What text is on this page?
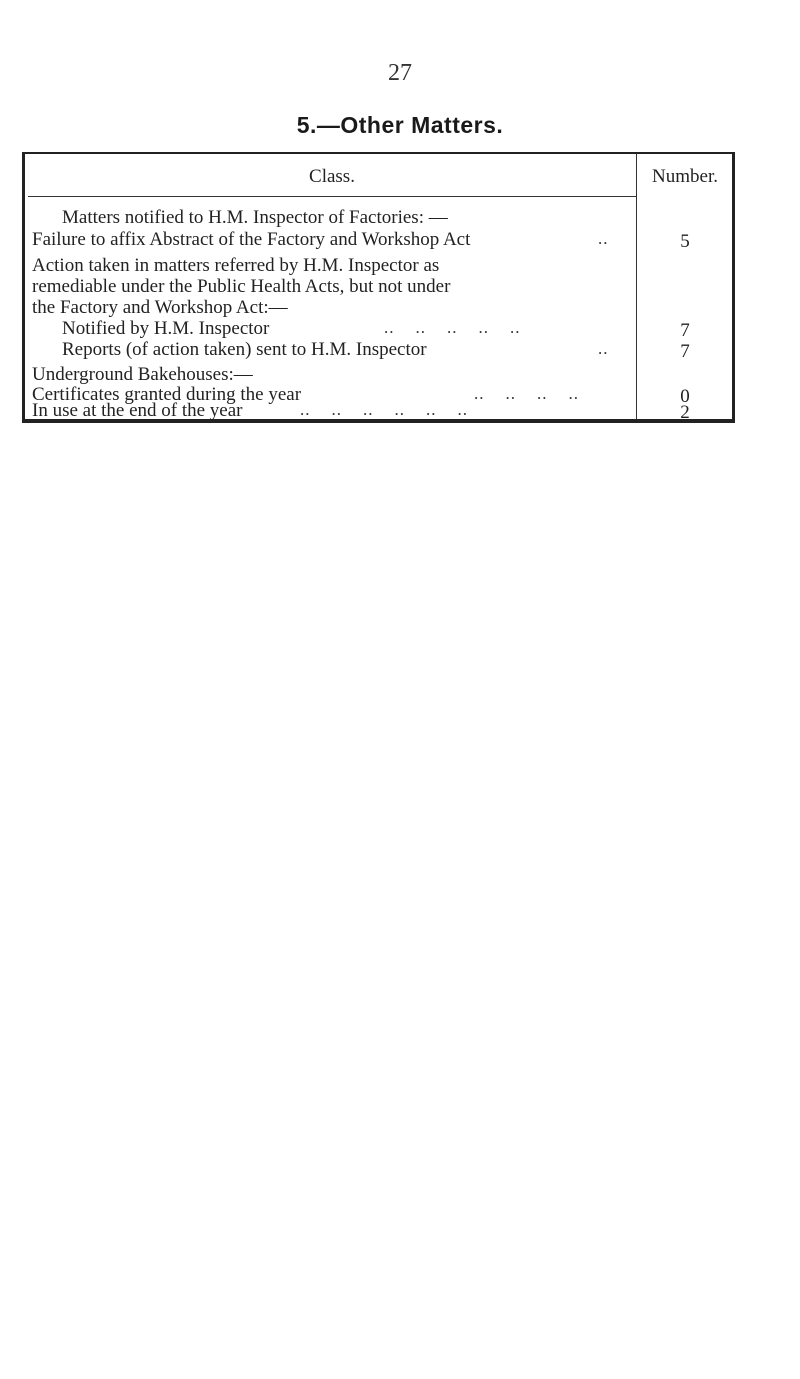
27
5.—Other Matters.
Class.	Number.
Matters notified to H.M. Inspector of Factories: —
Failure to affix Abstract of the Factory and Workshop Act	..	5
Action taken in matters referred by H.M. Inspector as
remediable under the Public Health Acts, but not under
the Factory and Workshop Act:—
Notified by H.M. Inspector	..    ..    ..    ..    ..	7
Reports (of action taken) sent to H.M. Inspector	..	7
Underground Bakehouses:—
Certificates granted during the year	..    ..    ..    ..	0
In use at the end of the year	..    ..    ..    ..    ..    ..	2
